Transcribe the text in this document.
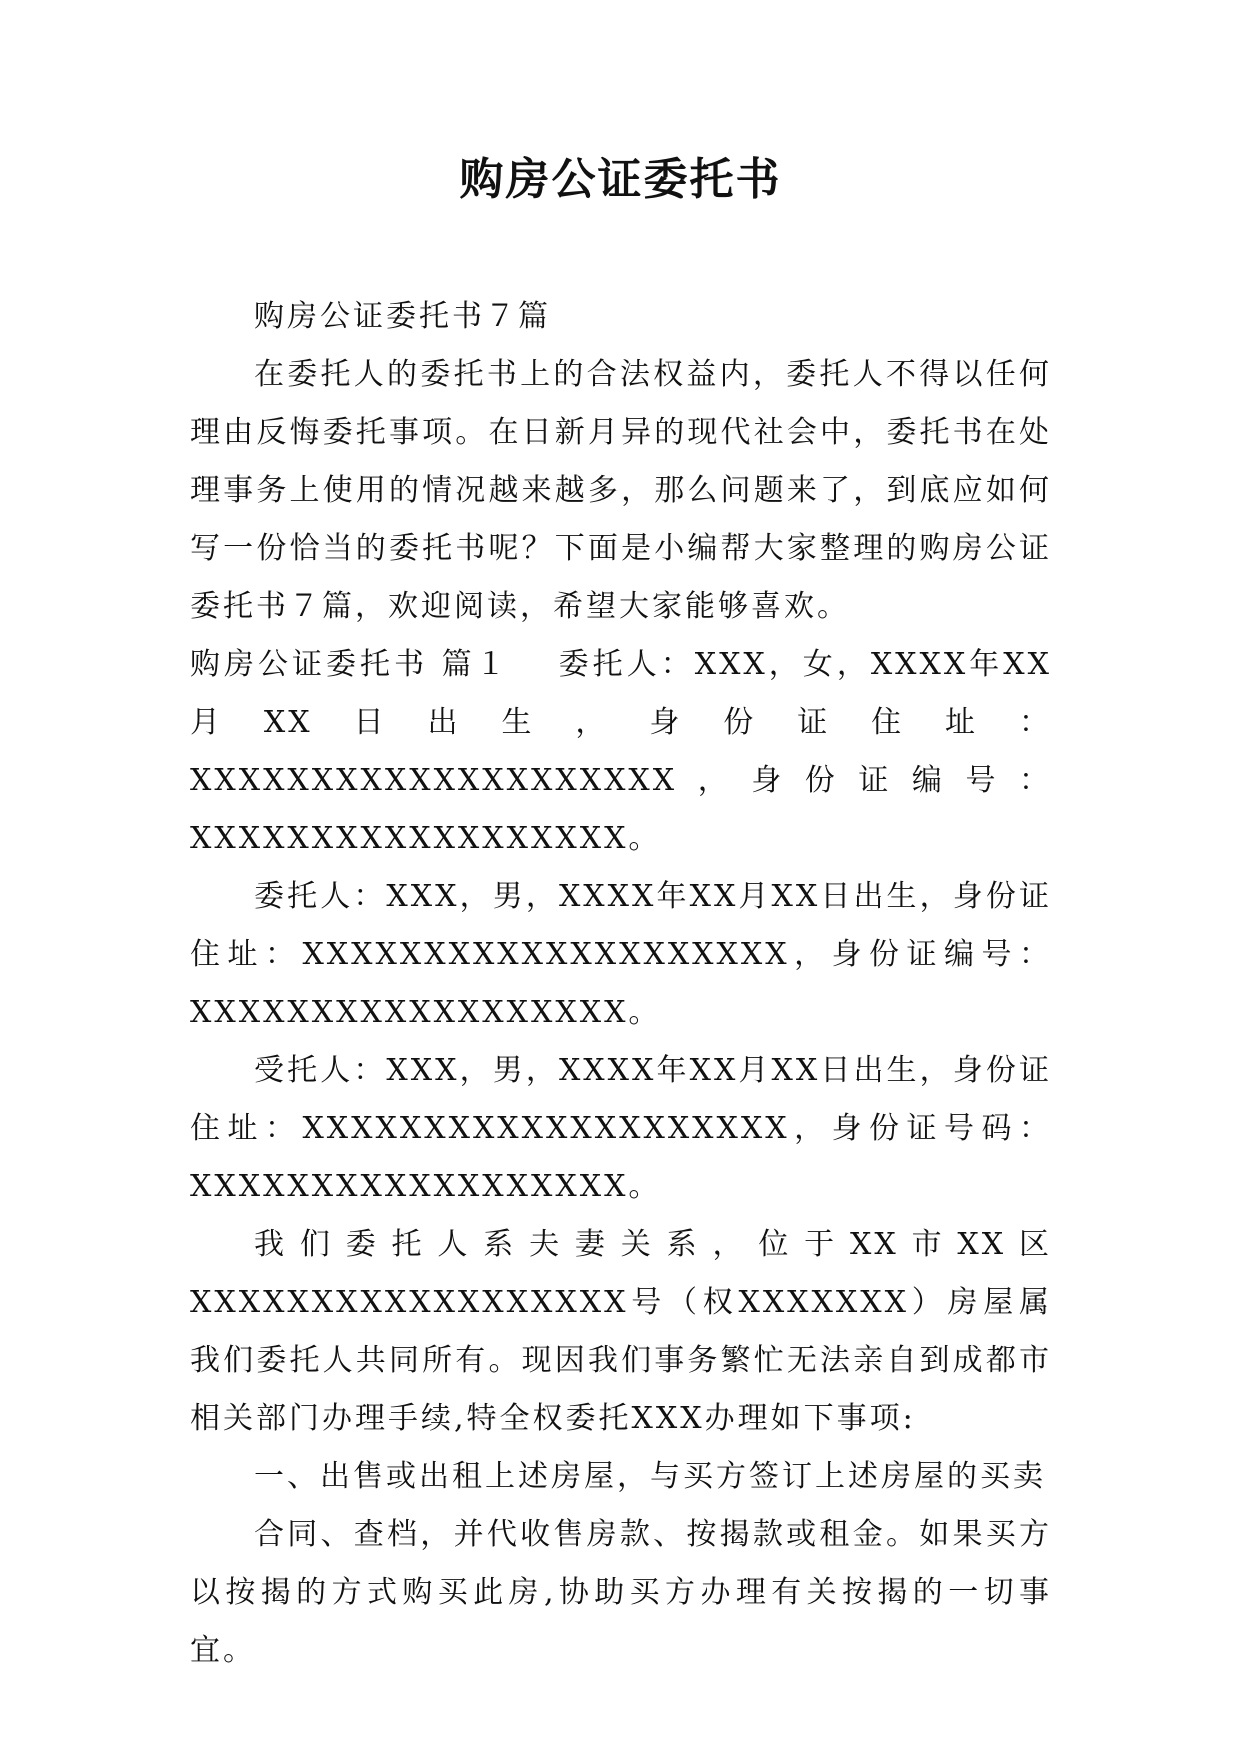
购房公证委托书

购房公证委托书７篇

在委托人的委托书上的合法权益内，委托人不得以任何理由反悔委托事项。在日新月异的现代社会中，委托书在处理事务上使用的情况越来越多，那么问题来了，到底应如何写一份恰当的委托书呢？下面是小编帮大家整理的购房公证委托书７篇，欢迎阅读，希望大家能够喜欢。

购房公证委托书 篇１ 委托人：XXX，女，XXXX年XX月XX日出生，身份证住址： XXXXXXXXXXXXXXXXXXXX，身份证编号：XXXXXXXXXXXXXXXXXX。

委托人：XXX，男，XXXX年XX月XX日出生，身份证住址：XXXXXXXXXXXXXXXXXXXX，身份证编号：XXXXXXXXXXXXXXXXXX。

受托人：XXX，男，XXXX年XX月XX日出生，身份证住址：XXXXXXXXXXXXXXXXXXXX，身份证号码：XXXXXXXXXXXXXXXXXX。

我们委托人系夫妻关系，位于XX市XX区XXXXXXXXXXXXXXXXXX号（权XXXXXXX）房屋属我们委托人共同所有。现因我们事务繁忙无法亲自到成都市相关部门办理手续,特全权委托XXX办理如下事项:

一、出售或出租上述房屋，与买方签订上述房屋的买卖

合同、查档，并代收售房款、按揭款或租金。如果买方以按揭的方式购买此房,协助买方办理有关按揭的一切事宜。
